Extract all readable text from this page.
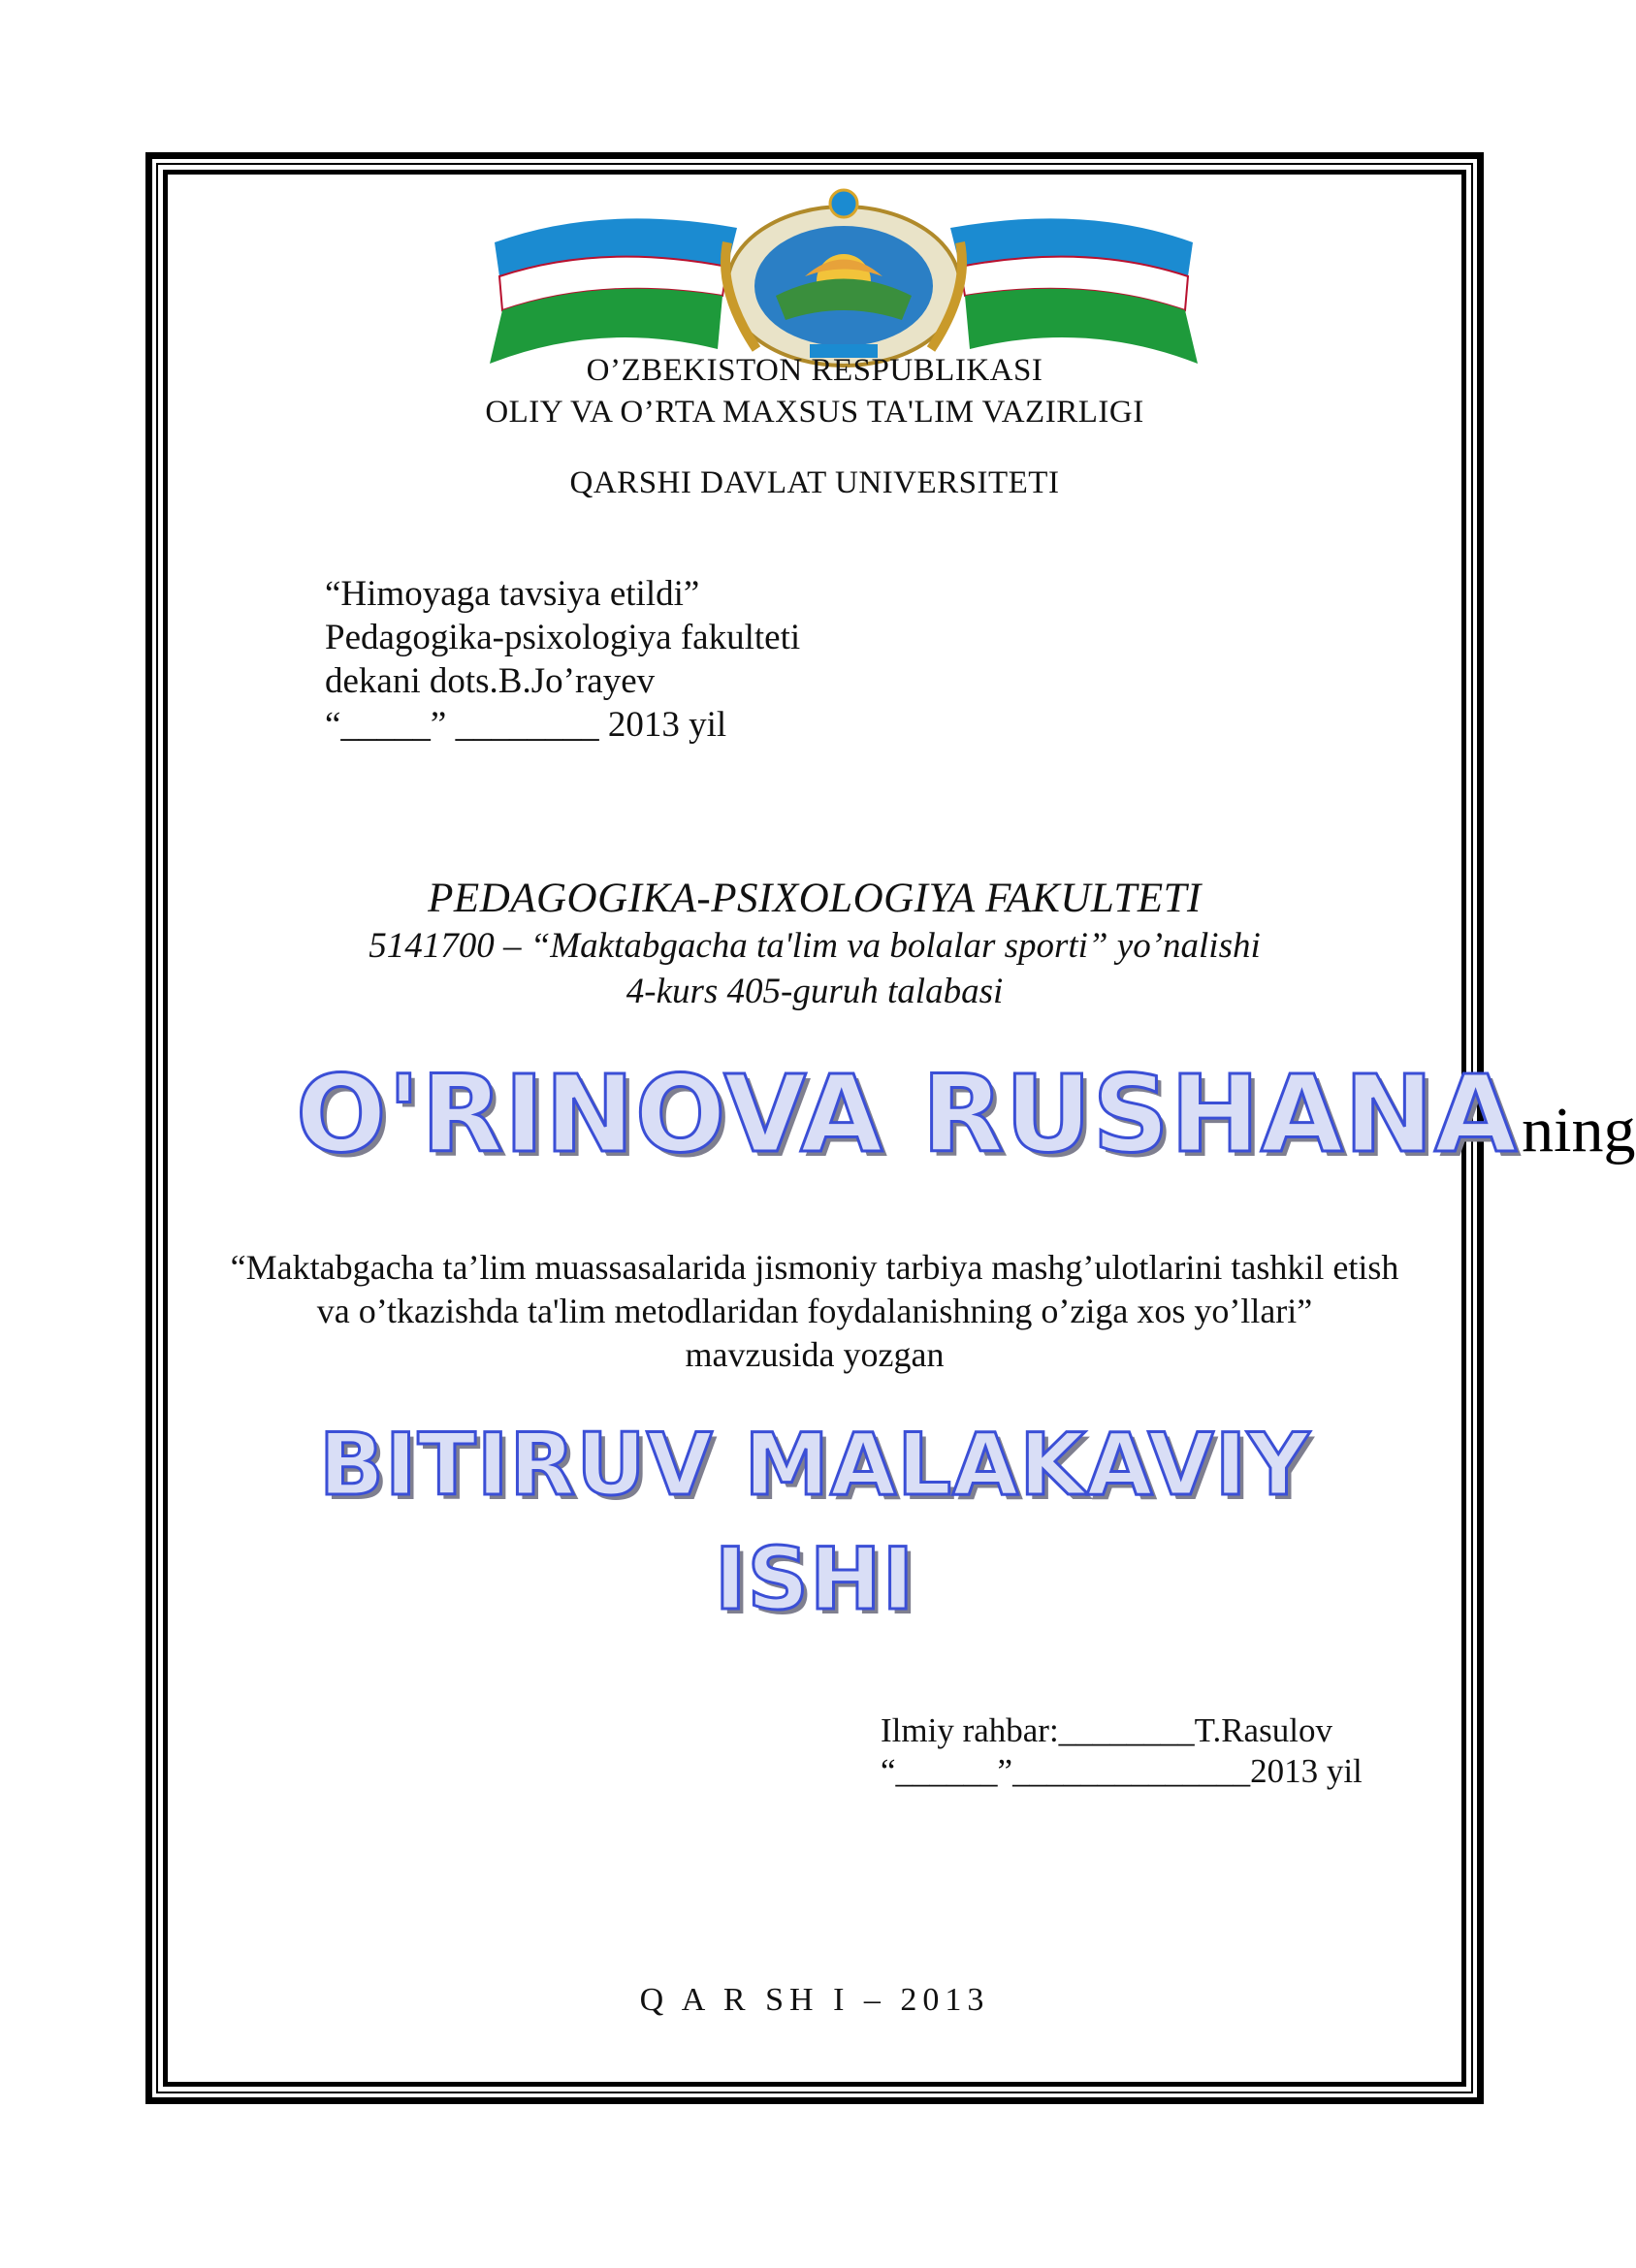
O’ZBEKISTON RESPUBLIKASI
OLIY VA O’RTA MAXSUS TA'LIM VAZIRLIGI
QARSHI DAVLAT UNIVERSITETI
“Himoyaga tavsiya etildi”
Pedagogika-psixologiya fakulteti
dekani dots.B.Jo’rayev
“_____” ________ 2013 yil
PEDAGOGIKA-PSIXOLOGIYA FAKULTETI
5141700 – “Maktabgacha ta'lim va bolalar sporti” yo’nalishi
4-kurs 405-guruh talabasi
O'RINOVA RUSHANA ning
“Maktabgacha ta’lim muassasalarida jismoniy tarbiya mashg’ulotlarini tashkil etish
va o’tkazishda ta'lim metodlaridan foydalanishning o’ziga xos yo’llari”
mavzusida yozgan
BITIRUV MALAKAVIY
ISHI
Ilmiy rahbar:________T.Rasulov
“______”______________2013 yil
Q A R SH I – 2013
